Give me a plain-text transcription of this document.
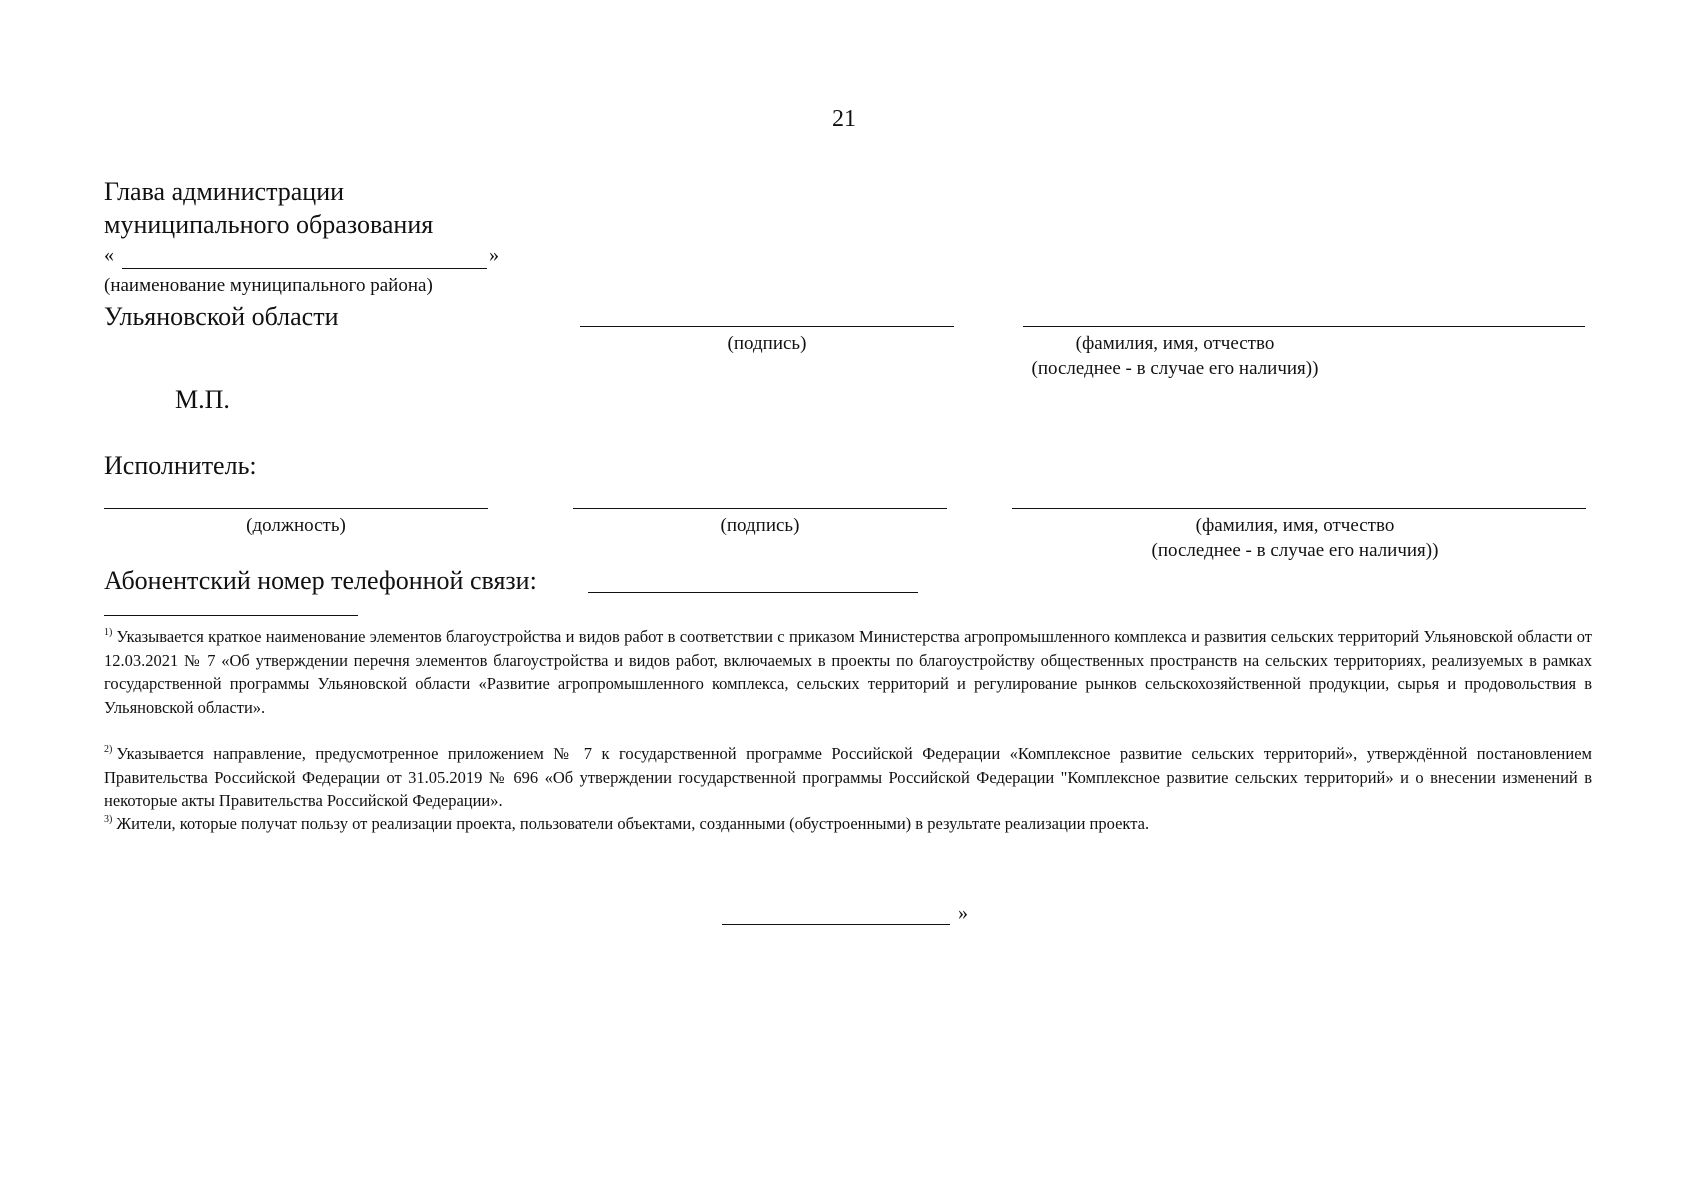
21
Глава администрации
муниципального образования
«	»
(наименование муниципального района)
Ульяновской области
(подпись)	(фамилия, имя, отчество
(последнее - в случае его наличия))
М.П.
Исполнитель:
(должность)	(подпись)	(фамилия, имя, отчество
(последнее - в случае его наличия))
Абонентский номер телефонной связи:
$^{1)}$ Указывается краткое наименование элементов благоустройства и видов работ в соответствии с приказом Министерства агропромышленного комплекса и развития сельских территорий Ульяновской области от 12.03.2021 № 7 «Об утверждении перечня элементов благоустройства и видов работ, включаемых в проекты по благоустройству общественных пространств на сельских территориях, реализуемых в рамках государственной программы Ульяновской области «Развитие агропромышленного комплекса, сельских территорий и регулирование рынков сельскохозяйственной продукции, сырья и продовольствия в Ульяновской области».
$^{2)}$ Указывается направление, предусмотренное приложением № 7 к государственной программе Российской Федерации «Комплексное развитие сельских территорий», утверждённой постановлением Правительства Российской Федерации от 31.05.2019 № 696 «Об утверждении государственной программы Российской Федерации "Комплексное развитие сельских территорий» и о внесении изменений в некоторые акты Правительства Российской Федерации».
$^{3)}$ Жители, которые получат пользу от реализации проекта, пользователи объектами, созданными (обустроенными) в результате реализации проекта.
»
